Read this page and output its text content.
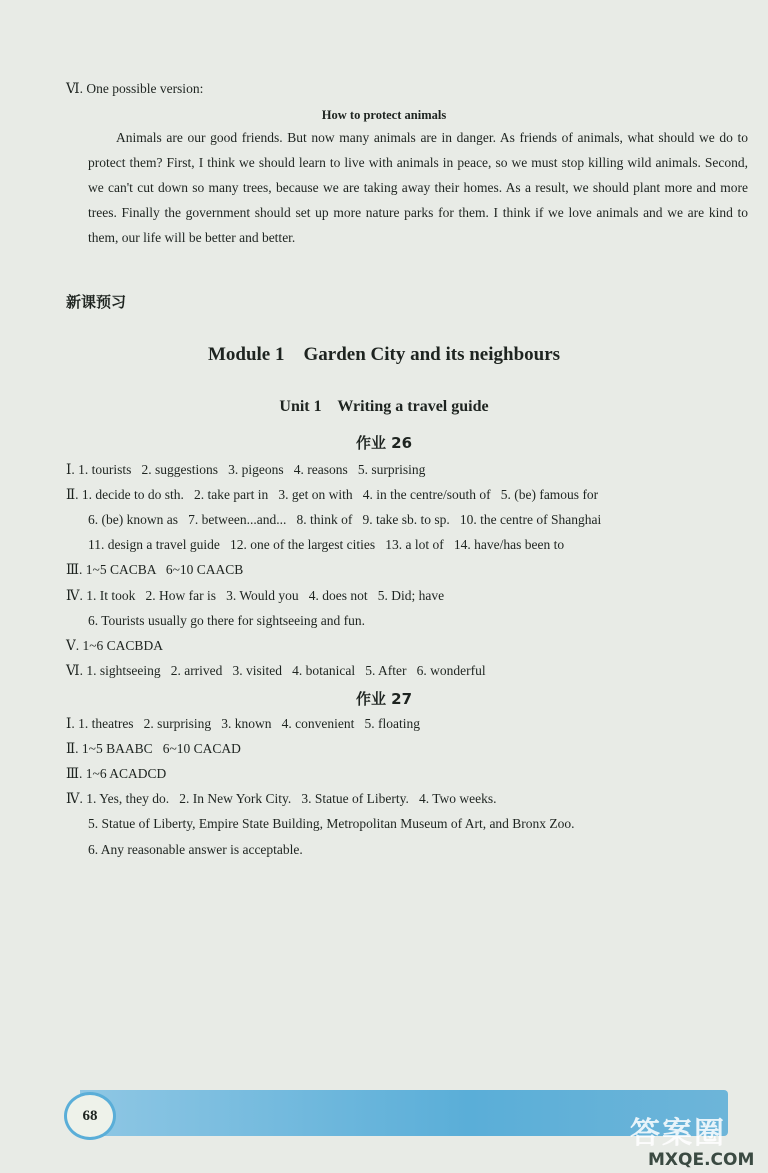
Ⅵ. One possible version:
How to protect animals
Animals are our good friends. But now many animals are in danger. As friends of animals, what should we do to protect them? First, I think we should learn to live with animals in peace, so we must stop killing wild animals. Second, we can't cut down so many trees, because we are taking away their homes. As a result, we should plant more and more trees. Finally the government should set up more nature parks for them. I think if we love animals and we are kind to them, our life will be better and better.
新课预习
Module 1    Garden City and its neighbours
Unit 1    Writing a travel guide
作业 26
Ⅰ. 1. tourists   2. suggestions   3. pigeons   4. reasons   5. surprising
Ⅱ. 1. decide to do sth.   2. take part in   3. get on with   4. in the centre/south of   5. (be) famous for
6. (be) known as   7. between...and...   8. think of   9. take sb. to sp.   10. the centre of Shanghai
11. design a travel guide   12. one of the largest cities   13. a lot of   14. have/has been to
Ⅲ. 1~5 CACBA   6~10 CAACB
Ⅳ. 1. It took   2. How far is   3. Would you   4. does not   5. Did; have
6. Tourists usually go there for sightseeing and fun.
Ⅴ. 1~6 CACBDA
Ⅵ. 1. sightseeing   2. arrived   3. visited   4. botanical   5. After   6. wonderful
作业 27
Ⅰ. 1. theatres   2. surprising   3. known   4. convenient   5. floating
Ⅱ. 1~5 BAABC   6~10 CACAD
Ⅲ. 1~6 ACADCD
Ⅳ. 1. Yes, they do.   2. In New York City.   3. Statue of Liberty.   4. Two weeks.
5. Statue of Liberty, Empire State Building, Metropolitan Museum of Art, and Bronx Zoo.
6. Any reasonable answer is acceptable.
68	答案圈
MXQE.COM
